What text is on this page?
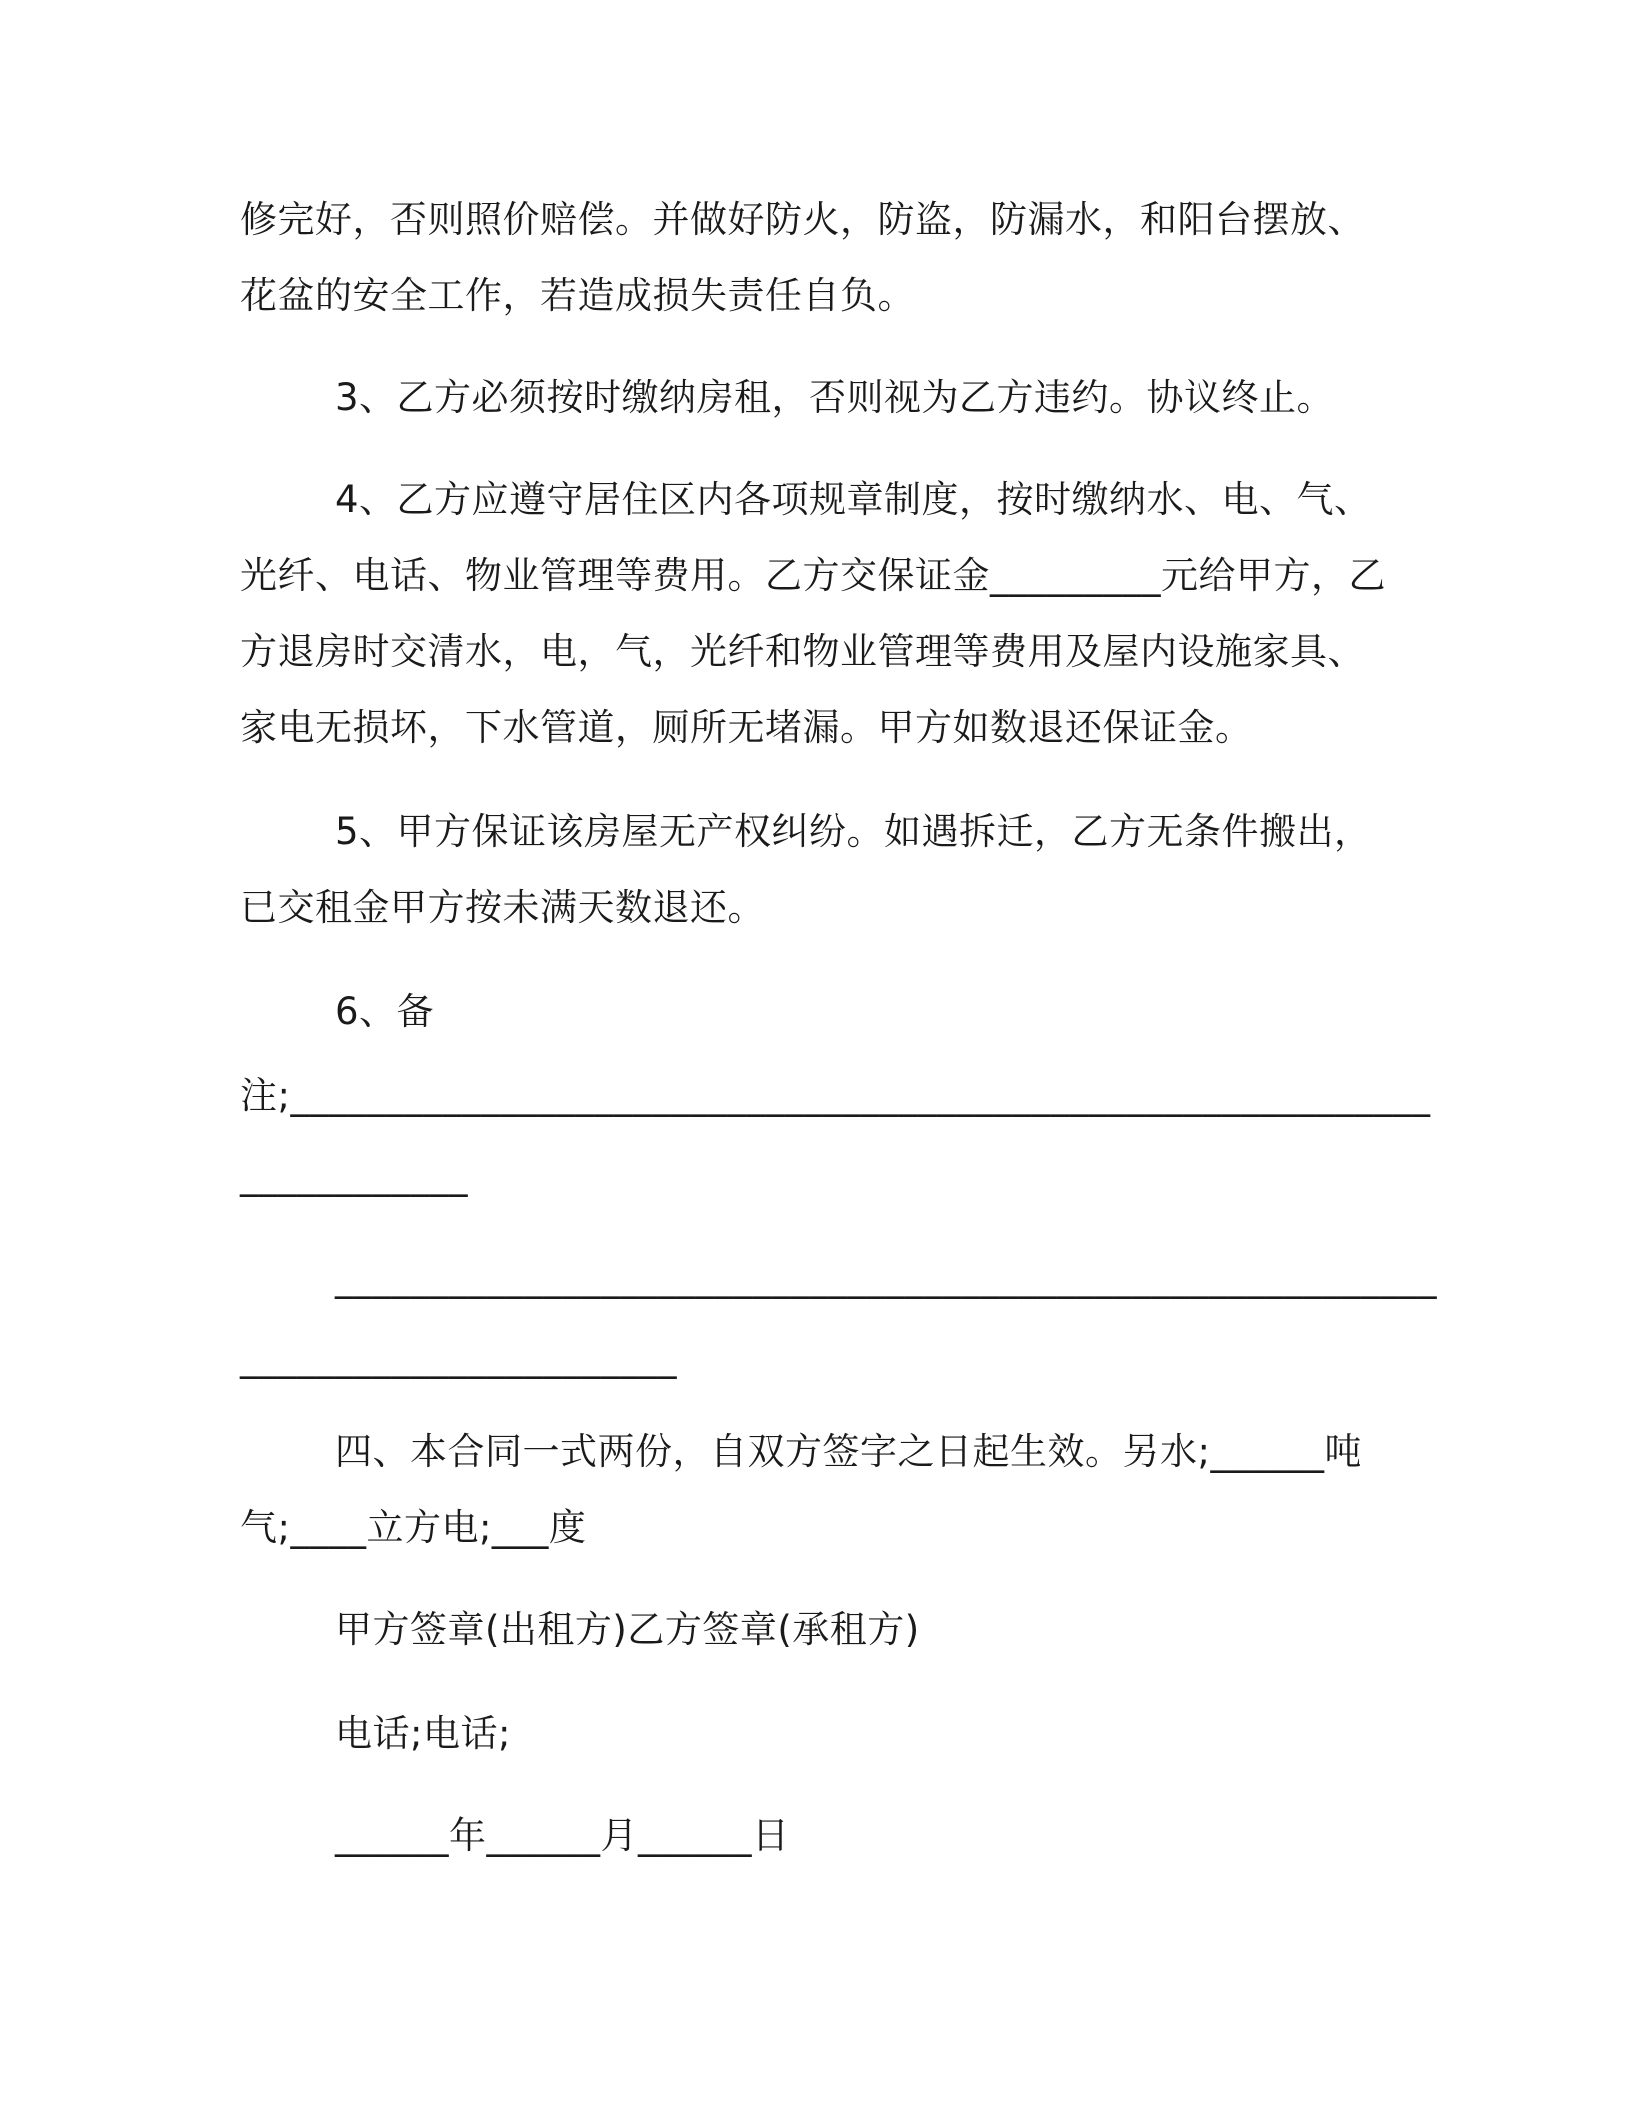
修完好，否则照价赔偿。并做好防火，防盗，防漏水，和阳台摆放、
花盆的安全工作，若造成损失责任自负。
3、乙方必须按时缴纳房租，否则视为乙方违约。协议终止。
4、乙方应遵守居住区内各项规章制度，按时缴纳水、电、气、
光纤、电话、物业管理等费用。乙方交保证金_________元给甲方，乙
方退房时交清水，电，气，光纤和物业管理等费用及屋内设施家具、
家电无损坏，下水管道，厕所无堵漏。甲方如数退还保证金。
5、甲方保证该房屋无产权纠纷。如遇拆迁，乙方无条件搬出，
已交租金甲方按未满天数退还。
6、备
注;____________________________________________________________
____________
__________________________________________________________
_______________________
四、本合同一式两份，自双方签字之日起生效。另水;______吨
气;____立方电;___度
甲方签章(出租方)乙方签章(承租方)
电话;电话;
______年______月______日
